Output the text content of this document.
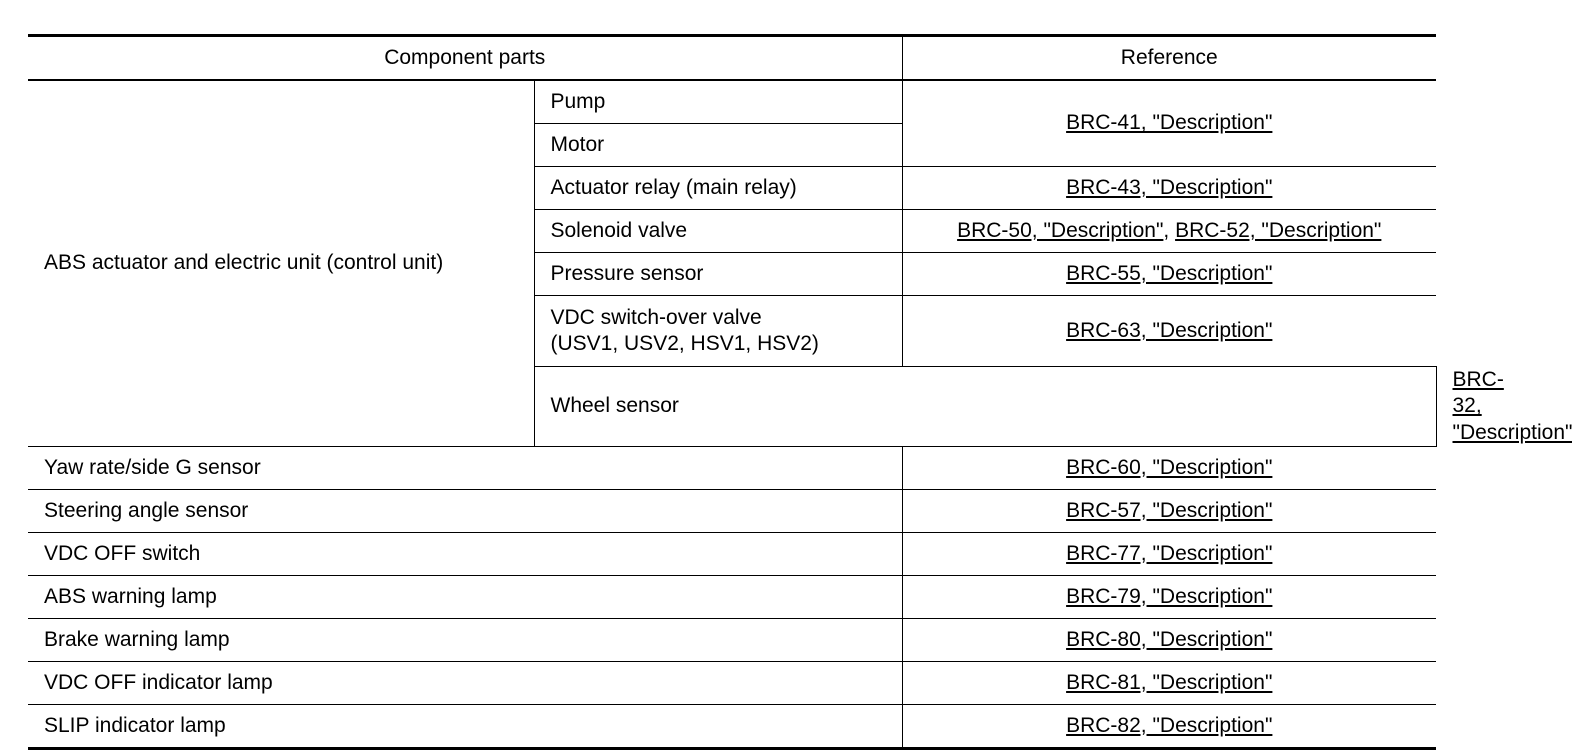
Component parts		Reference	
ABS actuator and electric unit (control unit)	Pump	BRC-41, "Description"	
	Motor		
	Actuator relay (main relay)	BRC-43, "Description"	
	Solenoid valve	BRC-50, "Description", BRC-52, "Description"	
	Pressure sensor	BRC-55, "Description"	
	VDC switch-over valve
(USV1, USV2, HSV1, HSV2)	BRC-63, "Description"	
	Wheel sensor		BRC-32, "Description"
Yaw rate/side G sensor		BRC-60, "Description"	
Steering angle sensor		BRC-57, "Description"	
VDC OFF switch		BRC-77, "Description"	
ABS warning lamp		BRC-79, "Description"	
Brake warning lamp		BRC-80, "Description"	
VDC OFF indicator lamp		BRC-81, "Description"	
SLIP indicator lamp		BRC-82, "Description"	
